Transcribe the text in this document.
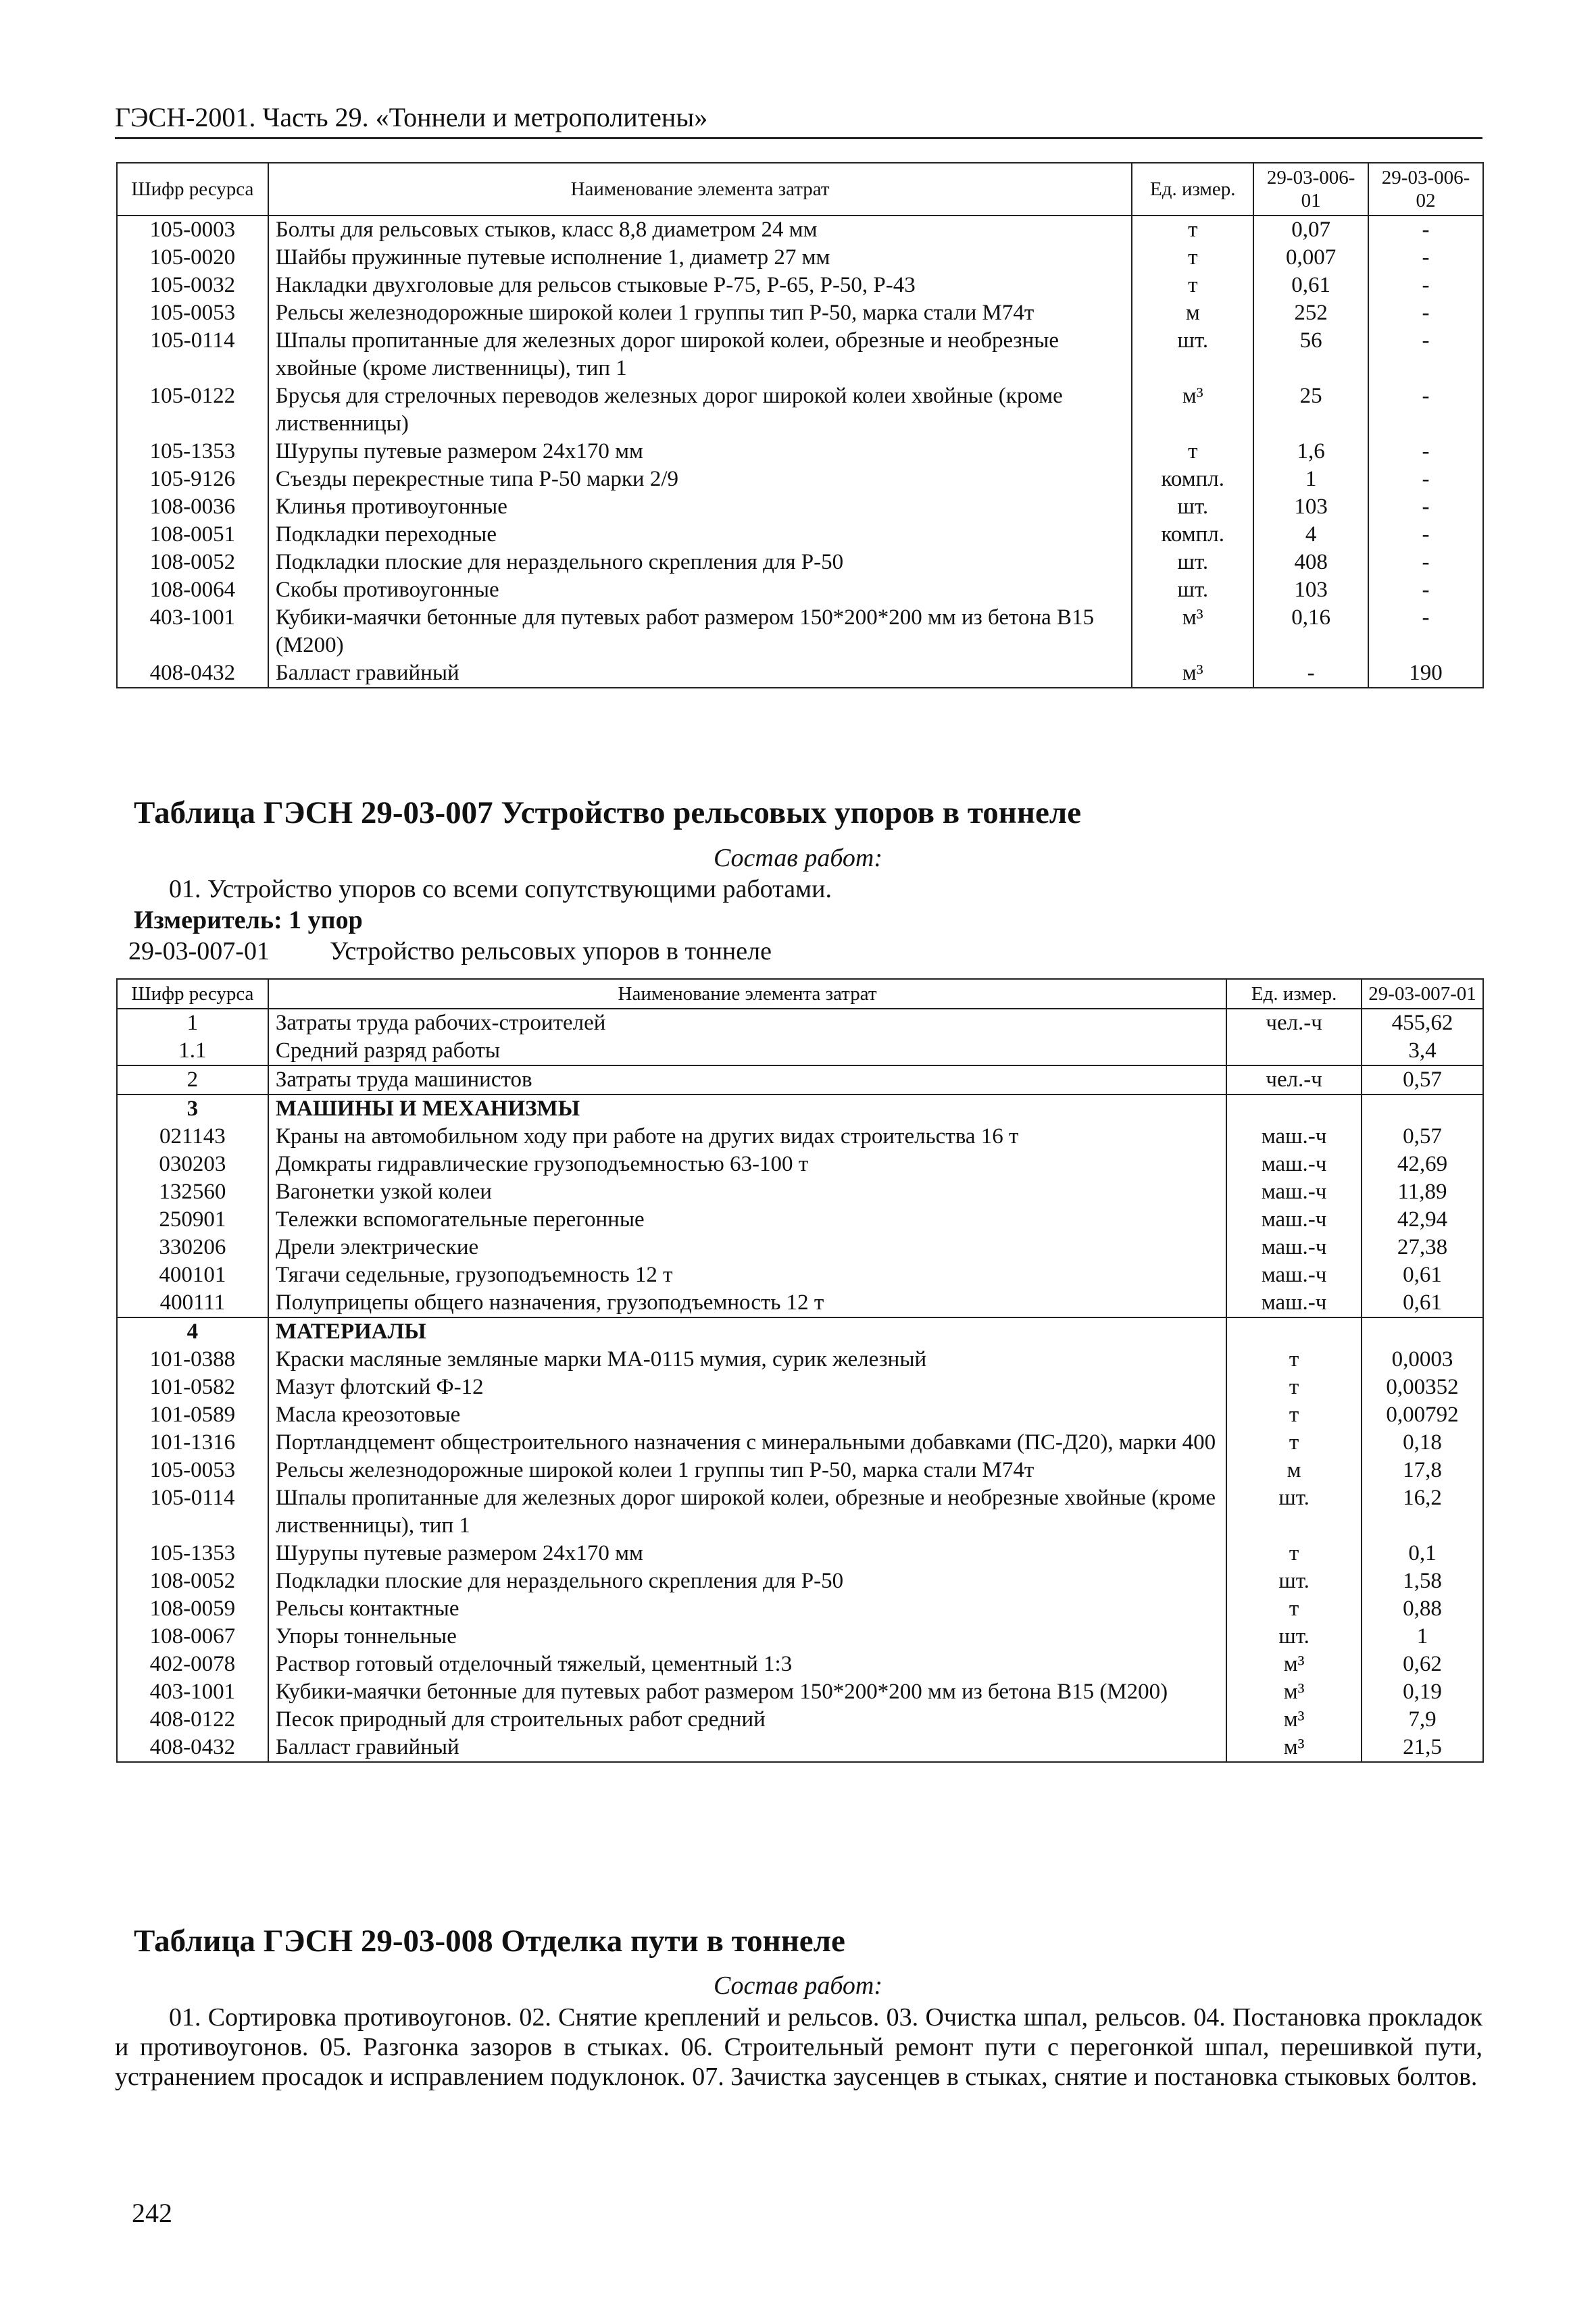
ГЭСН-2001. Часть 29. «Тоннели и метрополитены»
Шифр ресурса	Наименование элемента затрат	Ед. измер.	29-03-006-01	29-03-006-02
105-0003	Болты для рельсовых стыков, класс 8,8 диаметром 24 мм	т	0,07	-
105-0020	Шайбы пружинные путевые исполнение 1, диаметр 27 мм	т	0,007	-
105-0032	Накладки двухголовые для рельсов стыковые Р-75, Р-65, Р-50, Р-43	т	0,61	-
105-0053	Рельсы железнодорожные широкой колеи 1 группы тип Р-50, марка стали М74т	м	252	-
105-0114	Шпалы пропитанные для железных дорог широкой колеи, обрезные и необрезные хвойные (кроме лиственницы), тип 1	шт.	56	-
105-0122	Брусья для стрелочных переводов железных дорог широкой колеи хвойные (кроме лиственницы)	м³	25	-
105-1353	Шурупы путевые размером 24х170 мм	т	1,6	-
105-9126	Съезды перекрестные типа Р-50 марки 2/9	компл.	1	-
108-0036	Клинья противоугонные	шт.	103	-
108-0051	Подкладки переходные	компл.	4	-
108-0052	Подкладки плоские для нераздельного скрепления для Р-50	шт.	408	-
108-0064	Скобы противоугонные	шт.	103	-
403-1001	Кубики-маячки бетонные для путевых работ размером 150*200*200 мм из бетона В15 (М200)	м³	0,16	-
408-0432	Балласт гравийный	м³	-	190
Таблица ГЭСН 29-03-007 Устройство рельсовых упоров в тоннеле
Состав работ:
01. Устройство упоров со всеми сопутствующими работами.
Измеритель: 1 упор
29-03-007-01 Устройство рельсовых упоров в тоннеле
Шифр ресурса	Наименование элемента затрат	Ед. измер.	29-03-007-01
1	Затраты труда рабочих-строителей	чел.-ч	455,62
1.1	Средний разряд работы		3,4
2	Затраты труда машинистов	чел.-ч	0,57
3	МАШИНЫ И МЕХАНИЗМЫ		
021143	Краны на автомобильном ходу при работе на других видах строительства 16 т	маш.-ч	0,57
030203	Домкраты гидравлические грузоподъемностью 63-100 т	маш.-ч	42,69
132560	Вагонетки узкой колеи	маш.-ч	11,89
250901	Тележки вспомогательные перегонные	маш.-ч	42,94
330206	Дрели электрические	маш.-ч	27,38
400101	Тягачи седельные, грузоподъемность 12 т	маш.-ч	0,61
400111	Полуприцепы общего назначения, грузоподъемность 12 т	маш.-ч	0,61
4	МАТЕРИАЛЫ		
101-0388	Краски масляные земляные марки МА-0115 мумия, сурик железный	т	0,0003
101-0582	Мазут флотский Ф-12	т	0,00352
101-0589	Масла креозотовые	т	0,00792
101-1316	Портландцемент общестроительного назначения с минеральными добавками (ПС-Д20), марки 400	т	0,18
105-0053	Рельсы железнодорожные широкой колеи 1 группы тип Р-50, марка стали М74т	м	17,8
105-0114	Шпалы пропитанные для железных дорог широкой колеи, обрезные и необрезные хвойные (кроме лиственницы), тип 1	шт.	16,2
105-1353	Шурупы путевые размером 24х170 мм	т	0,1
108-0052	Подкладки плоские для нераздельного скрепления для Р-50	шт.	1,58
108-0059	Рельсы контактные	т	0,88
108-0067	Упоры тоннельные	шт.	1
402-0078	Раствор готовый отделочный тяжелый, цементный 1:3	м³	0,62
403-1001	Кубики-маячки бетонные для путевых работ размером 150*200*200 мм из бетона В15 (М200)	м³	0,19
408-0122	Песок природный для строительных работ средний	м³	7,9
408-0432	Балласт гравийный	м³	21,5
Таблица ГЭСН 29-03-008 Отделка пути в тоннеле
Состав работ:
01. Сортировка противоугонов. 02. Снятие креплений и рельсов. 03. Очистка шпал, рельсов. 04. Постановка прокладок и противоугонов. 05. Разгонка зазоров в стыках. 06. Строительный ремонт пути с перегонкой шпал, перешивкой пути, устранением просадок и исправлением подуклонок. 07. Зачистка заусенцев в стыках, снятие и постановка стыковых болтов.
242
